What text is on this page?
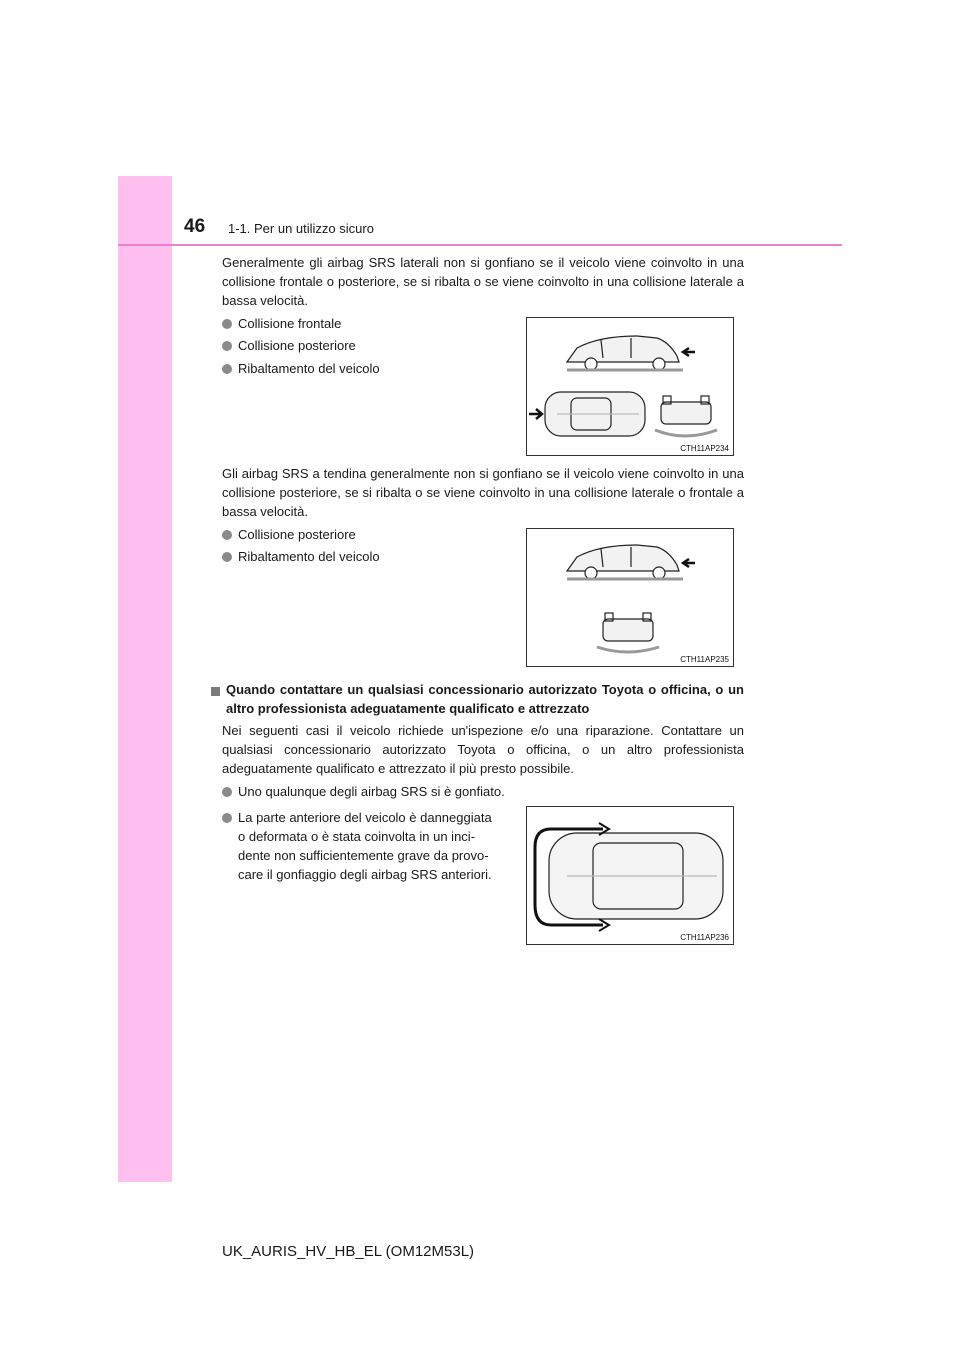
46 1-1. Per un utilizzo sicuro
Generalmente gli airbag SRS laterali non si gonfiano se il veicolo viene coinvolto in una collisione frontale o posteriore, se si ribalta o se viene coinvolto in una collisione laterale a bassa velocità.
Collisione frontale
Collisione posteriore
Ribaltamento del veicolo
CTH11AP234
Gli airbag SRS a tendina generalmente non si gonfiano se il veicolo viene coinvolto in una collisione posteriore, se si ribalta o se viene coinvolto in una collisione laterale o frontale a bassa velocità.
Collisione posteriore
Ribaltamento del veicolo
CTH11AP235
Quando contattare un qualsiasi concessionario autorizzato Toyota o officina, o un altro professionista adeguatamente qualificato e attrezzato
Nei seguenti casi il veicolo richiede un'ispezione e/o una riparazione. Contattare un qualsiasi concessionario autorizzato Toyota o officina, o un altro professionista adeguatamente qualificato e attrezzato il più presto possibile.
Uno qualunque degli airbag SRS si è gonfiato.
La parte anteriore del veicolo è danneggiata
o deformata o è stata coinvolta in un inci-
dente non sufficientemente grave da provo-
care il gonfiaggio degli airbag SRS anteriori.
CTH11AP236
UK_AURIS_HV_HB_EL (OM12M53L)
